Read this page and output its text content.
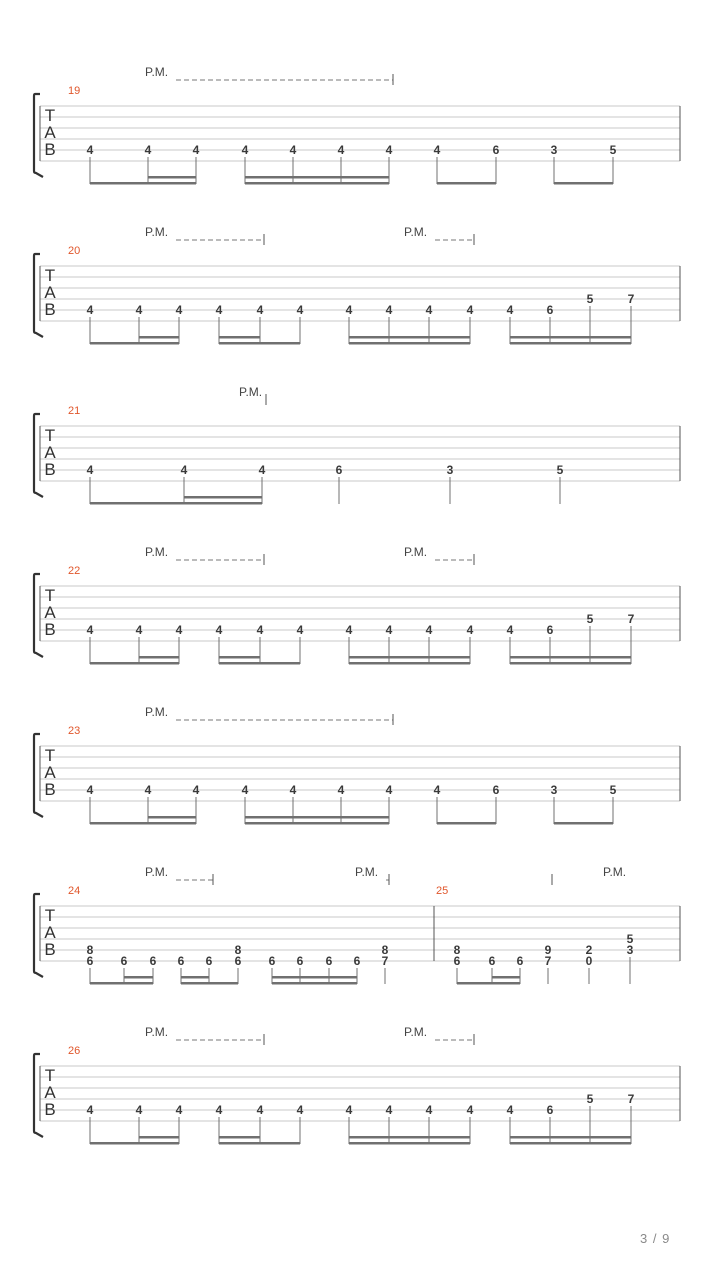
T
A
B
19
P.M.
4	4	4	4	4	4	4	4	6	3	5
T
A
B
20
P.M.	P.M.
4	4	4	4	4	4	4	4	4	4	4	6
5	7
T
A
B
21
P.M.
4	4	4	6	3	5
T
A
B
22
P.M.	P.M.
4	4	4	4	4	4	4	4	4	4	4	6
5	7
T
A
B
23
P.M.
4	4	4	4	4	4	4	4	6	3	5
T
A
B
24
P.M.	P.M.
8
6 6 6 6 6
8
6 6 6 6 6
8
7
25
P.M.
8
6 6 6
9
7
2
0
5
3
T
A
B
26
P.M.	P.M.
4	4	4	4	4	4	4	4	4	4	4	6
5	7
3 / 9
